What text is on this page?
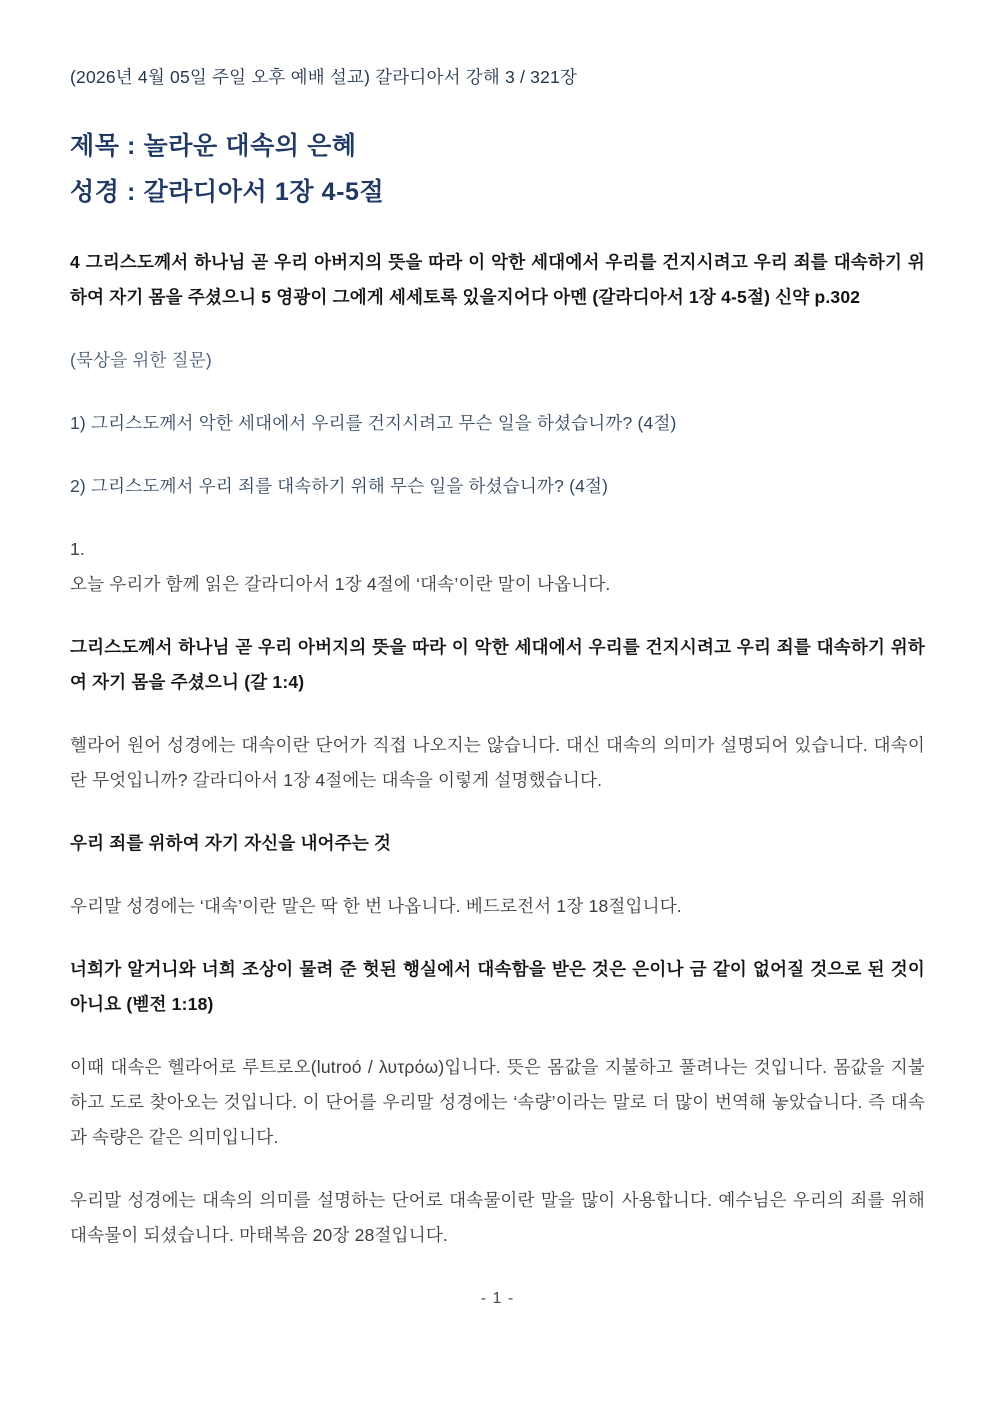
(2026년 4월 05일 주일 오후 예배 설교) 갈라디아서 강해 3 / 321장
제목 : 놀라운 대속의 은혜
성경 : 갈라디아서 1장 4-5절
4 그리스도께서 하나님 곧 우리 아버지의 뜻을 따라 이 악한 세대에서 우리를 건지시려고 우리 죄를 대속하기 위하여 자기 몸을 주셨으니 5 영광이 그에게 세세토록 있을지어다 아멘 (갈라디아서 1장 4-5절) 신약 p.302
(묵상을 위한 질문)
1) 그리스도께서 악한 세대에서 우리를 건지시려고 무슨 일을 하셨습니까? (4절)
2) 그리스도께서 우리 죄를 대속하기 위해 무슨 일을 하셨습니까? (4절)
1.
오늘 우리가 함께 읽은 갈라디아서 1장 4절에 ‘대속’이란 말이 나옵니다.
그리스도께서 하나님 곧 우리 아버지의 뜻을 따라 이 악한 세대에서 우리를 건지시려고 우리 죄를 대속하기 위하여 자기 몸을 주셨으니 (갈 1:4)
헬라어 원어 성경에는 대속이란 단어가 직접 나오지는 않습니다. 대신 대속의 의미가 설명되어 있습니다. 대속이란 무엇입니까? 갈라디아서 1장 4절에는 대속을 이렇게 설명했습니다.
우리 죄를 위하여 자기 자신을 내어주는 것
우리말 성경에는 ‘대속’이란 말은 딱 한 번 나옵니다. 베드로전서 1장 18절입니다.
너희가 알거니와 너희 조상이 물려 준 헛된 행실에서 대속함을 받은 것은 은이나 금 같이 없어질 것으로 된 것이 아니요 (벧전 1:18)
이때 대속은 헬라어로 루트로오(lutroó / λυτρόω)입니다. 뜻은 몸값을 지불하고 풀려나는 것입니다. 몸값을 지불하고 도로 찾아오는 것입니다. 이 단어를 우리말 성경에는 ‘속량’이라는 말로 더 많이 번역해 놓았습니다. 즉 대속과 속량은 같은 의미입니다.
우리말 성경에는 대속의 의미를 설명하는 단어로 대속물이란 말을 많이 사용합니다. 예수님은 우리의 죄를 위해 대속물이 되셨습니다. 마태복음 20장 28절입니다.
- 1 -
